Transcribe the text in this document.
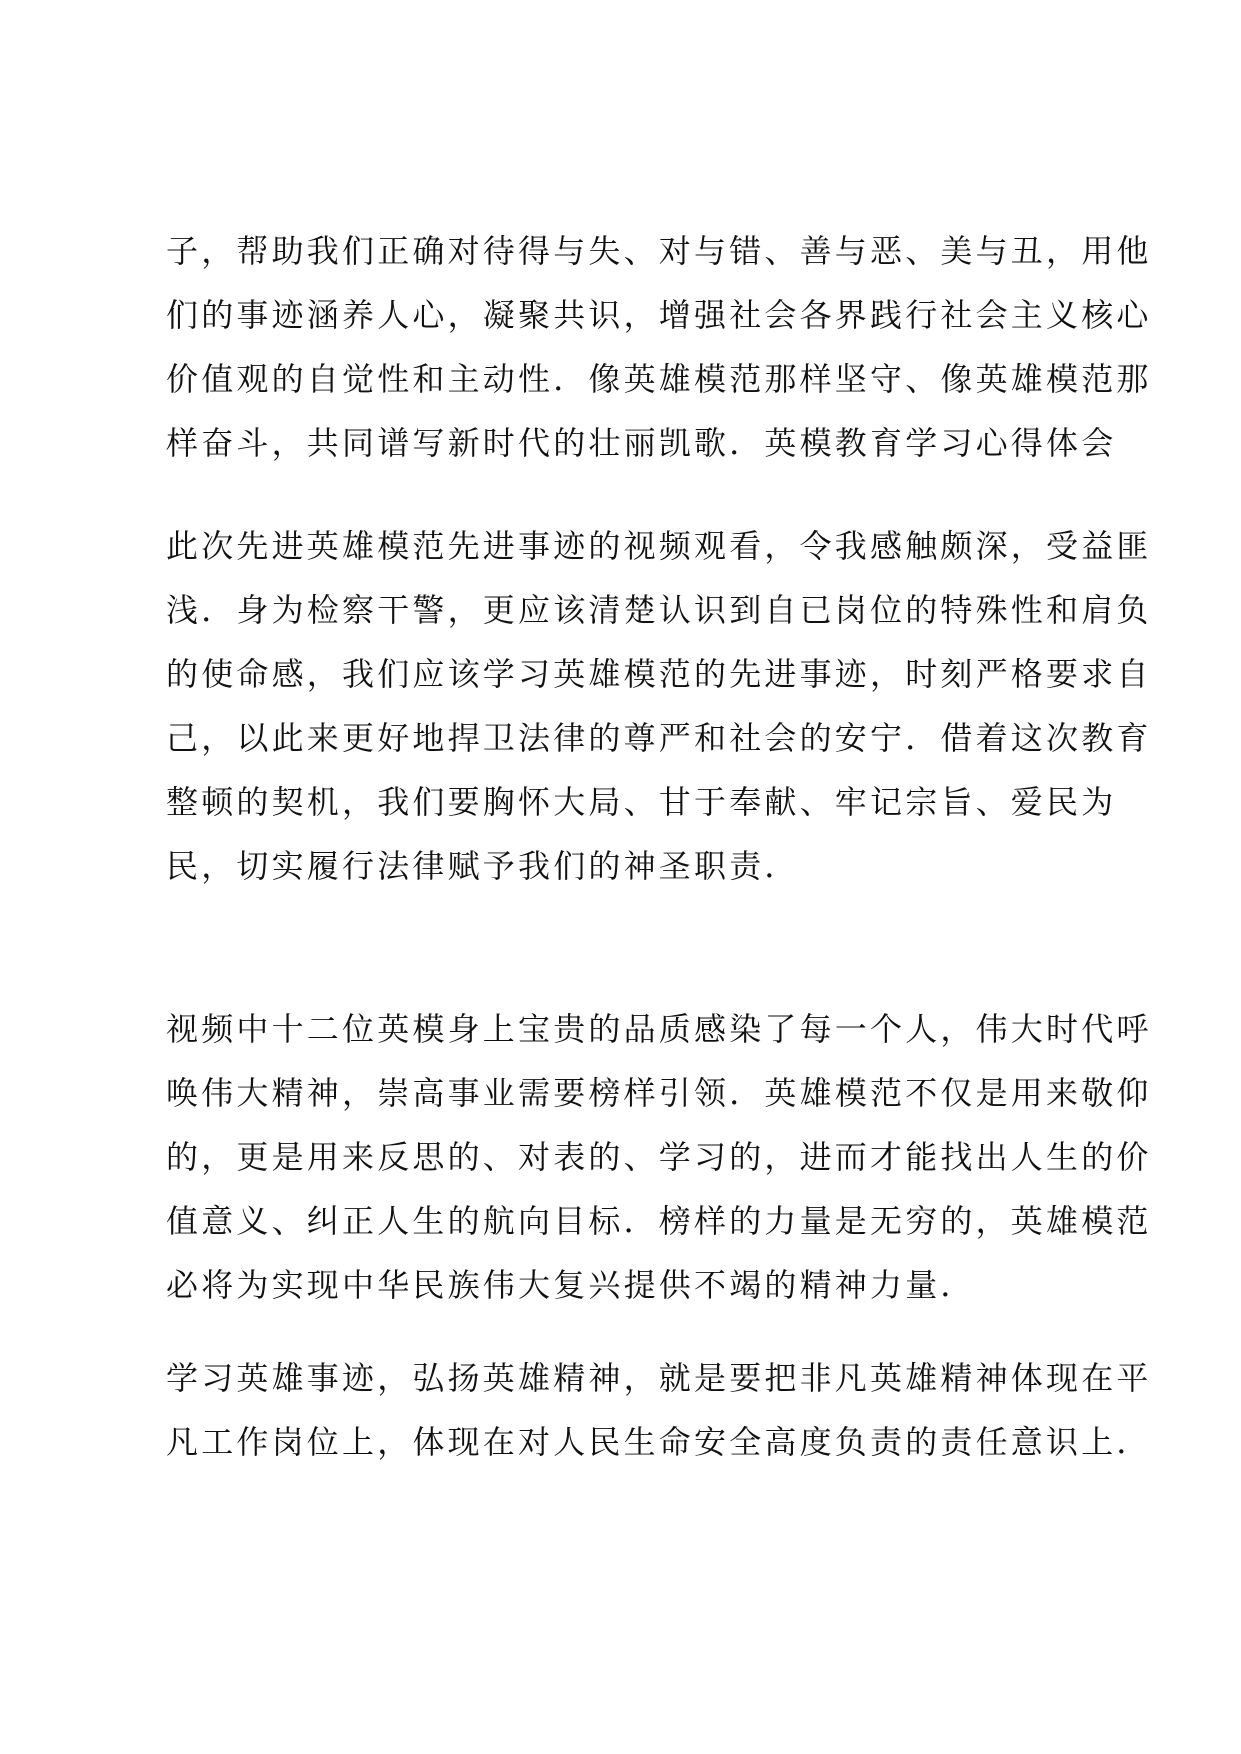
子，帮助我们正确对待得与失、对与错、善与恶、美与丑，用他
们的事迹涵养人心，凝聚共识，增强社会各界践行社会主义核心
价值观的自觉性和主动性．像英雄模范那样坚守、像英雄模范那
样奋斗，共同谱写新时代的壮丽凯歌．英模教育学习心得体会
此次先进英雄模范先进事迹的视频观看，令我感触颇深，受益匪
浅．身为检察干警，更应该清楚认识到自已岗位的特殊性和肩负
的使命感，我们应该学习英雄模范的先进事迹，时刻严格要求自
己，以此来更好地捍卫法律的尊严和社会的安宁．借着这次教育
整顿的契机，我们要胸怀大局、甘于奉献、牢记宗旨、爱民为
民，切实履行法律赋予我们的神圣职责．
视频中十二位英模身上宝贵的品质感染了每一个人，伟大时代呼
唤伟大精神，崇高事业需要榜样引领．英雄模范不仅是用来敬仰
的，更是用来反思的、对表的、学习的，进而才能找出人生的价
值意义、纠正人生的航向目标．榜样的力量是无穷的，英雄模范
必将为实现中华民族伟大复兴提供不竭的精神力量．
学习英雄事迹，弘扬英雄精神，就是要把非凡英雄精神体现在平
凡工作岗位上，体现在对人民生命安全高度负责的责任意识上．
